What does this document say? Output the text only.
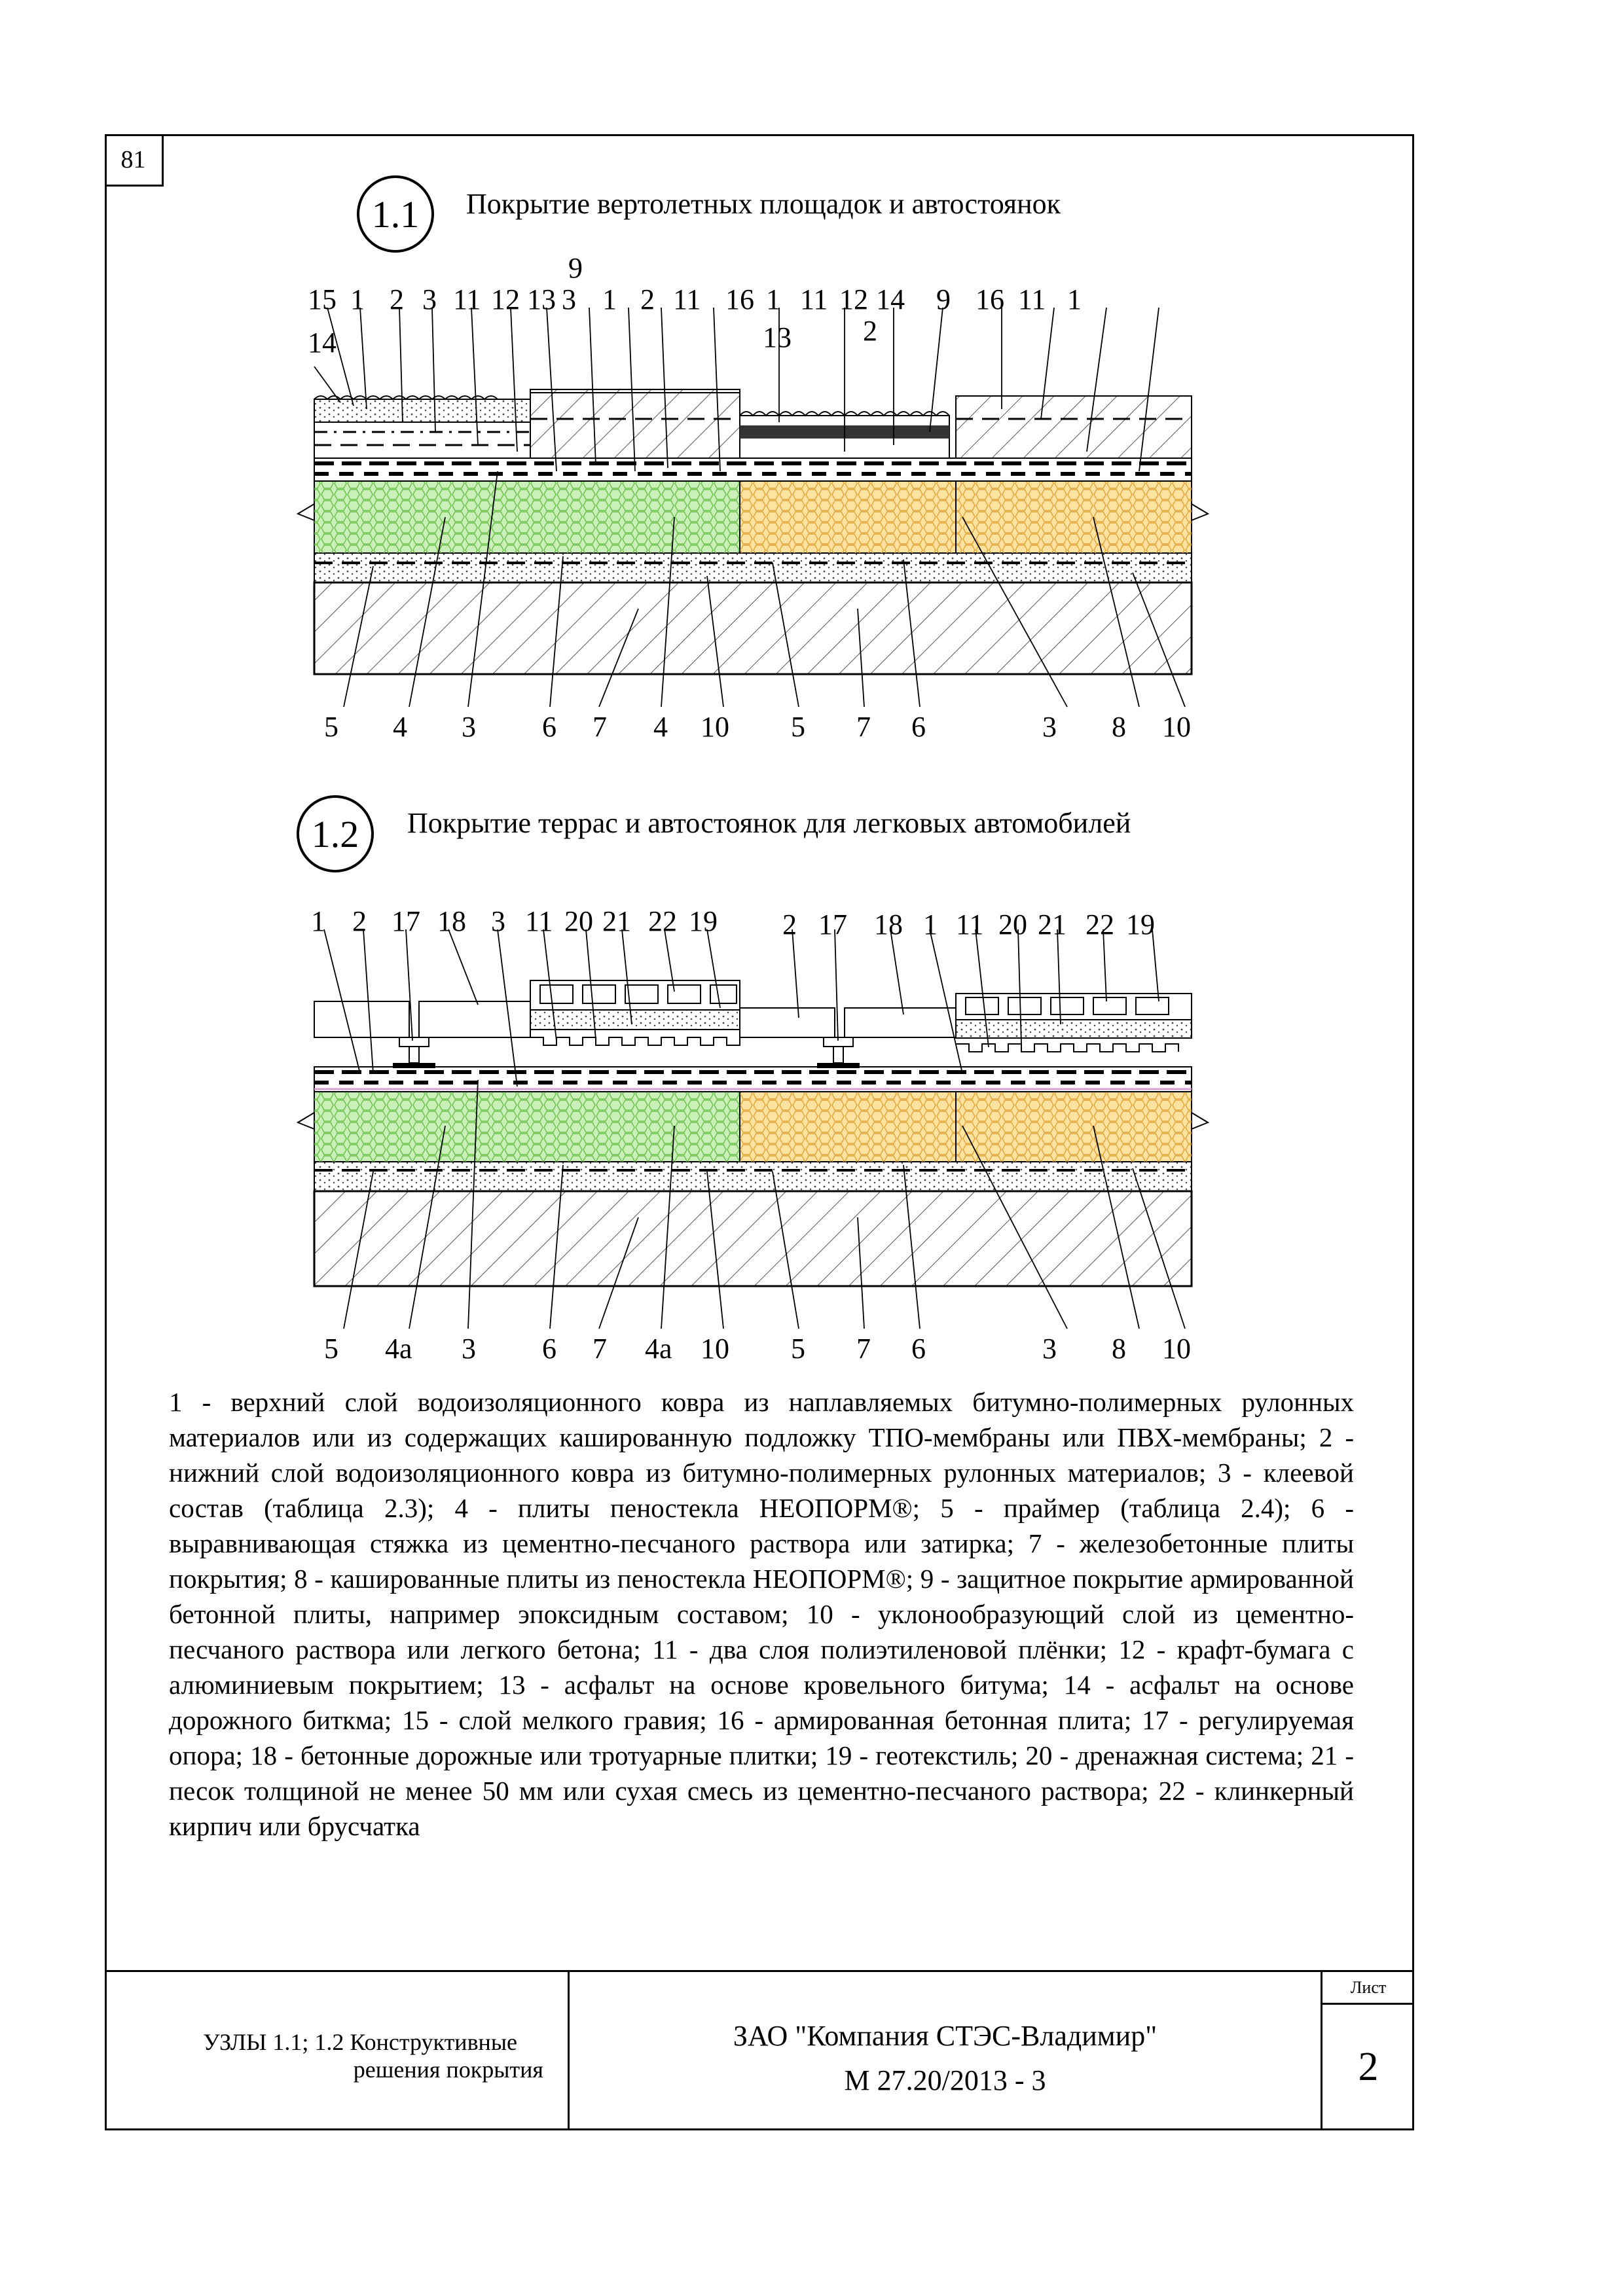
81
1.1	Покрытие вертолетных площадок и автостоянок
15 1 2 3 11 12 13 3
9
1 2 11 16 1 11 12 14 9 16 11 1
14	13 2
5 4 3 6 7 4 10 5 7 6	3 8 10
1.2	Покрытие террас и автостоянок для легковых автомобилей
1 2 17 18 3 11 20 21 22 19 2 17 18 1 11 20 21 22 19
5 4a 3 6 7 4a 10 5 7 6	3 8 10
1 - верхний слой водоизоляционного ковра из наплавляемых битумно-полимерных рулонных материалов или из содержащих кашированную подложку ТПО-мембраны или ПВХ-мембраны; 2 - нижний слой водоизоляционного ковра из битумно-полимерных рулонных материалов; 3 - клеевой состав (таблица 2.3); 4 - плиты пеностекла НЕОПОРМ®; 5 - праймер (таблица 2.4); 6 - выравнивающая стяжка из цементно-песчаного раствора или затирка; 7 - железобетонные плиты покрытия; 8 - кашированные плиты из пеностекла НЕОПОРМ®; 9 - защитное покрытие армированной бетонной плиты, например эпоксидным составом; 10 - уклонообразующий слой из цементно-песчаного раствора или легкого бетона; 11 - два слоя полиэтиленовой плёнки; 12 - крафт-бумага с алюминиевым покрытием; 13 - асфальт на основе кровельного битума; 14 - асфальт на основе дорожного биткма; 15 - слой мелкого гравия; 16 - армированная бетонная плита; 17 - регулируемая опора; 18 - бетонные дорожные или тротуарные плитки; 19 - геотекстиль; 20 - дренажная система; 21 - песок толщиной не менее 50 мм или сухая смесь из цементно-песчаного раствора; 22 - клинкерный кирпич или брусчатка
УЗЛЫ 1.1; 1.2 Конструктивные
решения покрытия
ЗАО "Компания СТЭС-Владимир"
М 27.20/2013 - 3
Лист
2
